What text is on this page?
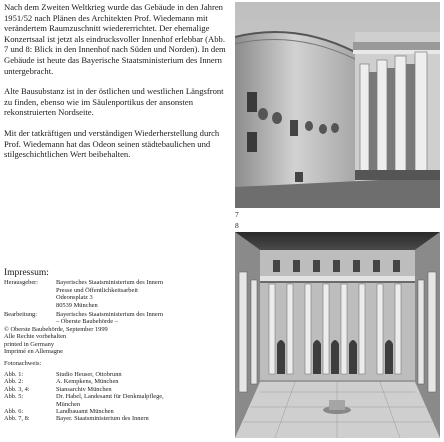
Nach dem Zweiten Weltkrieg wurde das Gebäude in den Jahren 1951/52 nach Plänen des Architekten Prof. Wiedemann mit verändertem Raumzuschnitt wiedererrichtet. Der ehemalige Konzertsaal ist jetzt als eindrucksvoller Innenhof erlebbar (Abb. 7 und 8: Blick in den Innenhof nach Süden und Norden). In dem Gebäude ist heute das Bayerische Staatsministerium des Innern untergebracht.

Alte Bausubstanz ist in der östlichen und westlichen Längsfront zu finden, ebenso wie im Säulenportikus der ansonsten rekonstruierten Nordseite.

Mit der tatkräftigen und verständigen Wiederherstellung durch Prof. Wiedemann hat das Odeon seinen städtebaulichen und stilgeschichtlichen Wert beibehalten.

Impressum:
Herausgeber:	Bayerisches Staatsministerium des Innern
Presse und Öffentlichkeitsarbeit
Odeonsplatz 3
80539 München
Bearbeitung:	Bayerisches Staatsministerium des Innern
– Oberste Baubehörde –
© Oberste Baubehörde, September 1999
Alle Rechte vorbehalten
printed in Germany
Imprimé en Allemagne
Fotonachweis:
Abb. 1:	Studio Heuser, Ottobrunn
Abb. 2:	A. Kempkens, München
Abb. 3, 4:	Stansarchiv München
Abb. 5:	Dr. Habel, Landesamt für Denkmalpflege,
München
Abb. 6:	Landbauamt München
Abb. 7, 8:	Bayer. Staatsministerium des Innern
7
8
